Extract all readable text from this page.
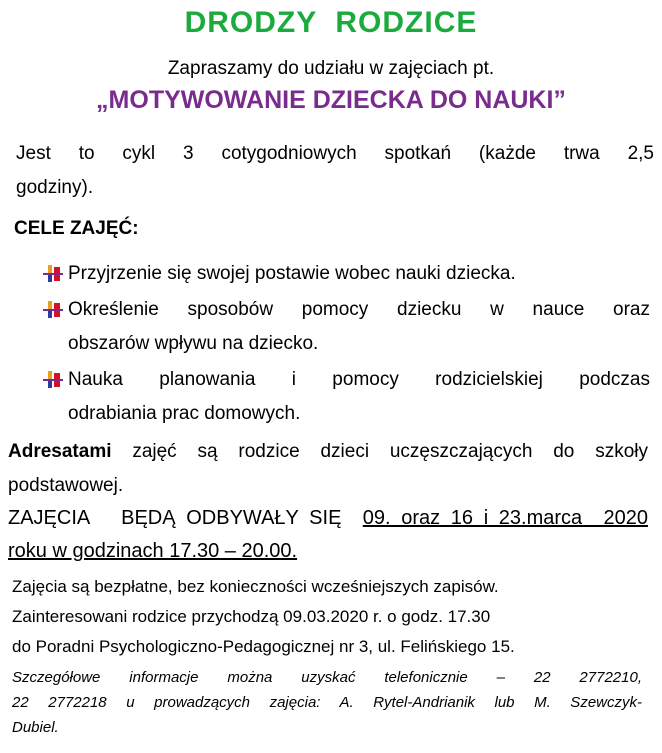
DRODZY  RODZICE
Zapraszamy do udziału w zajęciach pt.
„MOTYWOWANIE DZIECKA DO NAUKI”
Jest to cykl 3 cotygodniowych spotkań (każde trwa 2,5
godziny).
CELE ZAJĘĆ:
Przyjrzenie się swojej postawie wobec nauki dziecka.
Określenie sposobów pomocy dziecku w nauce oraz
obszarów wpływu na dziecko.
Nauka planowania i pomocy rodzicielskiej podczas
odrabiania prac domowych.
Adresatami zajęć są rodzice dzieci uczęszczających do szkoły
podstawowej.
ZAJĘCIA   BĘDĄ ODBYWAŁY SIĘ  09. oraz 16 i 23.marca  2020
roku w godzinach 17.30 – 20.00.
Zajęcia są bezpłatne, bez konieczności wcześniejszych zapisów.
Zainteresowani rodzice przychodzą 09.03.2020 r. o godz. 17.30
do Poradni Psychologiczno-Pedagogicznej nr 3, ul. Felińskiego 15.
Szczegółowe informacje można uzyskać telefonicznie – 22 2772210,
22 2772218 u prowadzących zajęcia: A. Rytel-Andrianik lub M. Szewczyk-
Dubiel.
